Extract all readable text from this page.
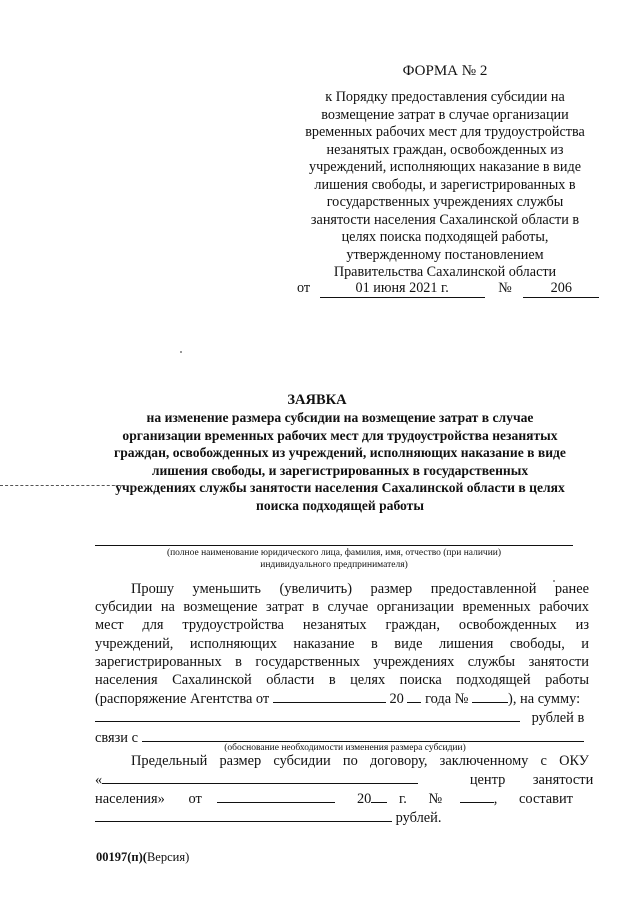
ФОРМА № 2
к Порядку предоставления субсидии на
возмещение затрат в случае организации
временных рабочих мест для трудоустройства
незанятых граждан, освобожденных из
учреждений, исполняющих наказание в виде
лишения свободы, и зарегистрированных в
государственных учреждениях службы
занятости населения Сахалинской области в
целях поиска подходящей работы,
утвержденному постановлением
Правительства Сахалинской области
от	01 июня 2021 г.	№	206
ЗАЯВКА
на изменение размера субсидии на возмещение затрат в случае
организации временных рабочих мест для трудоустройства незанятых
граждан, освобожденных из учреждений, исполняющих наказание в виде
лишения свободы, и зарегистрированных в государственных
учреждениях службы занятости населения Сахалинской области в целях
поиска подходящей работы
(полное наименование юридического лица, фамилия, имя, отчество (при наличии)
индивидуального предпринимателя)
Прошу уменьшить (увеличить) размер предоставленной ранее
субсидии на возмещение затрат в случае организации временных рабочих
мест для трудоустройства незанятых граждан, освобожденных из
учреждений, исполняющих наказание в виде лишения свободы, и
зарегистрированных в государственных учреждениях службы занятости
населения Сахалинской области в целях поиска подходящей работы
(распоряжение Агентства от	20 года №	), на сумму:
рублей в
связи с
Предельный размер субсидии по договору, заключенному с ОКУ
«	центр занятости
населения» от	20 г. №	, составит
рублей.
(обоснование необходимости изменения размера субсидии)
00197(п)(Версия)
